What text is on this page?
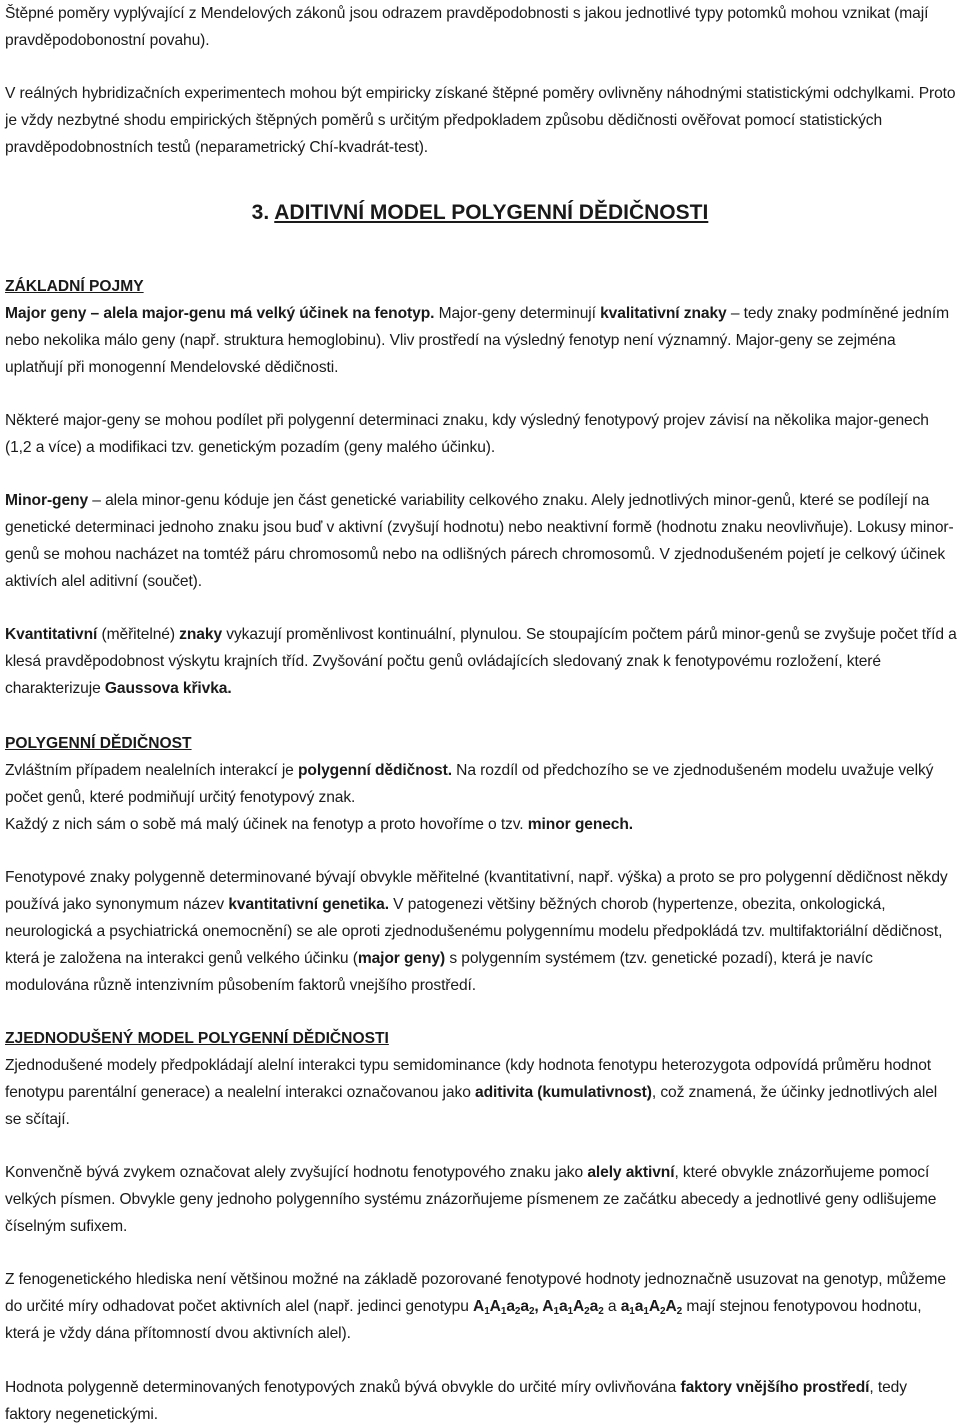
Štěpné poměry vyplývající z Mendelových zákonů jsou odrazem pravděpodobnosti s jakou jednotlivé typy potomků mohou vznikat (mají pravděpodobonostní povahu).

V reálných hybridizačních experimentech mohou být empiricky získané štěpné poměry ovlivněny náhodnými statistickými odchylkami. Proto je vždy nezbytné shodu empirických štěpných poměrů s určitým předpokladem způsobu dědičnosti ověřovat pomocí statistických pravděpodobnostních testů (neparametrický Chí-kvadrát-test).

3. ADITIVNÍ MODEL POLYGENNÍ DĚDIČNOSTI

ZÁKLADNÍ POJMY

Major geny – alela major-genu má velký účinek na fenotyp. Major-geny determinují kvalitativní znaky – tedy znaky podmíněné jedním nebo nekolika málo geny (např. struktura hemoglobinu). Vliv prostředí na výsledný fenotyp není významný. Major-geny se zejména uplatňují při monogenní Mendelovské dědičnosti.

Některé major-geny se mohou podílet při polygenní determinaci znaku, kdy výsledný fenotypový projev závisí na několika major-genech (1,2 a více) a modifikaci tzv. genetickým pozadím (geny malého účinku).

Minor-geny – alela minor-genu kóduje jen část genetické variability celkového znaku. Alely jednotlivých minor-genů, které se podílejí na genetické determinaci jednoho znaku jsou buď v aktivní (zvyšují hodnotu) nebo neaktivní formě (hodnotu znaku neovlivňuje). Lokusy minor-genů se mohou nacházet na tomtéž páru chromosomů nebo na odlišných párech chromosomů. V zjednodušeném pojetí je celkový účinek aktivích alel aditivní (součet).

Kvantitativní (měřitelné) znaky vykazují proměnlivost kontinuální, plynulou. Se stoupajícím počtem párů minor-genů se zvyšuje počet tříd a klesá pravděpodobnost výskytu krajních tříd. Zvyšování počtu genů ovládajících sledovaný znak k fenotypovému rozložení, které charakterizuje Gaussova křivka.

POLYGENNÍ DĚDIČNOST

Zvláštním případem nealelních interakcí je polygenní dědičnost. Na rozdíl od předchozího se ve zjednodušeném modelu uvažuje velký počet genů, které podmiňují určitý fenotypový znak.
Každý z nich sám o sobě má malý účinek na fenotyp a proto hovoříme o tzv. minor genech.

Fenotypové znaky polygenně determinované bývají obvykle měřitelné (kvantitativní, např. výška) a proto se pro polygenní dědičnost někdy používá jako synonymum název kvantitativní genetika. V patogenezi většiny běžných chorob (hypertenze, obezita, onkologická, neurologická a psychiatrická onemocnění) se ale oproti zjednodušenému polygennímu modelu předpokládá tzv. multifaktoriální dědičnost, která je založena na interakci genů velkého účinku (major geny) s polygenním systémem (tzv. genetické pozadí), která je navíc modulována různě intenzivním působením faktorů vnejšího prostředí.

ZJEDNODUŠENÝ MODEL POLYGENNÍ DĚDIČNOSTI

Zjednodušené modely předpokládají alelní interakci typu semidominance (kdy hodnota fenotypu heterozygota odpovídá průměru hodnot fenotypu parentální generace) a nealelní interakci označovanou jako aditivita (kumulativnost), což znamená, že účinky jednotlivých alel se sčítají.

Konvenčně bývá zvykem označovat alely zvyšující hodnotu fenotypového znaku jako alely aktivní, které obvykle znázorňujeme pomocí velkých písmen. Obvykle geny jednoho polygenního systému znázorňujeme písmenem ze začátku abecedy a jednotlivé geny odlišujeme číselným sufixem.

Z fenogenetického hlediska není většinou možné na základě pozorované fenotypové hodnoty jednoznačně usuzovat na genotyp, můžeme do určité míry odhadovat počet aktivních alel (např. jedinci genotypu $A_1A_1a_2a_2$, $A_1a_1A_2a_2$ a $a_1a_1A_2A_2$ mají stejnou fenotypovou hodnotu, která je vždy dána přítomností dvou aktivních alel).

Hodnota polygenně determinovaných fenotypových znaků bývá obvykle do určité míry ovlivňována faktory vnějšího prostředí, tedy faktory negenetickými.
